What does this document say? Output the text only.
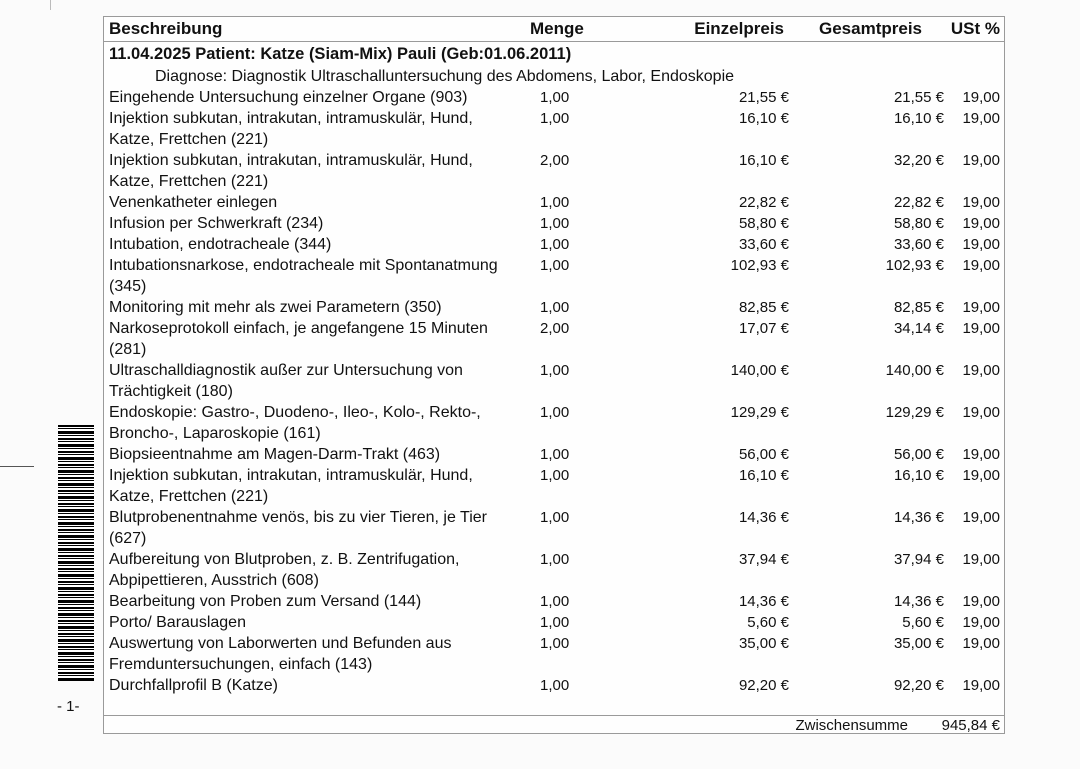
- 1-
Beschreibung	Menge	Einzelpreis Gesamtpreis USt %
11.04.2025 Patient: Katze (Siam-Mix) Pauli (Geb:01.06.2011)
Diagnose: Diagnostik Ultraschalluntersuchung des Abdomens, Labor, Endoskopie
Eingehende Untersuchung einzelner Organe (903)	1,00	21,55 €	21,55 € 19,00
Injektion subkutan, intrakutan, intramuskulär, Hund, Katze, Frettchen (221)
1,00	16,10 €	16,10 € 19,00
Injektion subkutan, intrakutan, intramuskulär, Hund, Katze, Frettchen (221)
2,00	16,10 €	32,20 € 19,00
Venenkatheter einlegen	1,00	22,82 €	22,82 € 19,00
Infusion per Schwerkraft (234)	1,00	58,80 €	58,80 € 19,00
Intubation, endotracheale (344)	1,00	33,60 €	33,60 € 19,00
Intubationsnarkose, endotracheale mit Spontanatmung (345)
1,00	102,93 €	102,93 € 19,00
Monitoring mit mehr als zwei Parametern (350)	1,00	82,85 €	82,85 € 19,00
Narkoseprotokoll einfach, je angefangene 15 Minuten (281)
2,00	17,07 €	34,14 € 19,00
Ultraschalldiagnostik außer zur Untersuchung von Trächtigkeit (180)
1,00	140,00 €	140,00 € 19,00
Endoskopie: Gastro-, Duodeno-, Ileo-, Kolo-, Rekto-, Broncho-, Laparoskopie (161)
1,00	129,29 €	129,29 € 19,00
Biopsieentnahme am Magen-Darm-Trakt (463)	1,00	56,00 €	56,00 € 19,00
Injektion subkutan, intrakutan, intramuskulär, Hund, Katze, Frettchen (221)
1,00	16,10 €	16,10 € 19,00
Blutprobenentnahme venös, bis zu vier Tieren, je Tier (627)
1,00	14,36 €	14,36 € 19,00
Aufbereitung von Blutproben, z. B. Zentrifugation, Abpipettieren, Ausstrich (608)
1,00	37,94 €	37,94 € 19,00
Bearbeitung von Proben zum Versand (144)	1,00	14,36 €	14,36 € 19,00
Porto/ Barauslagen	1,00	5,60 €	5,60 € 19,00
Auswertung von Laborwerten und Befunden aus Fremduntersuchungen, einfach (143)
1,00	35,00 €	35,00 € 19,00
Durchfallprofil B (Katze)	1,00	92,20 €	92,20 € 19,00
Zwischensumme 945,84 €
